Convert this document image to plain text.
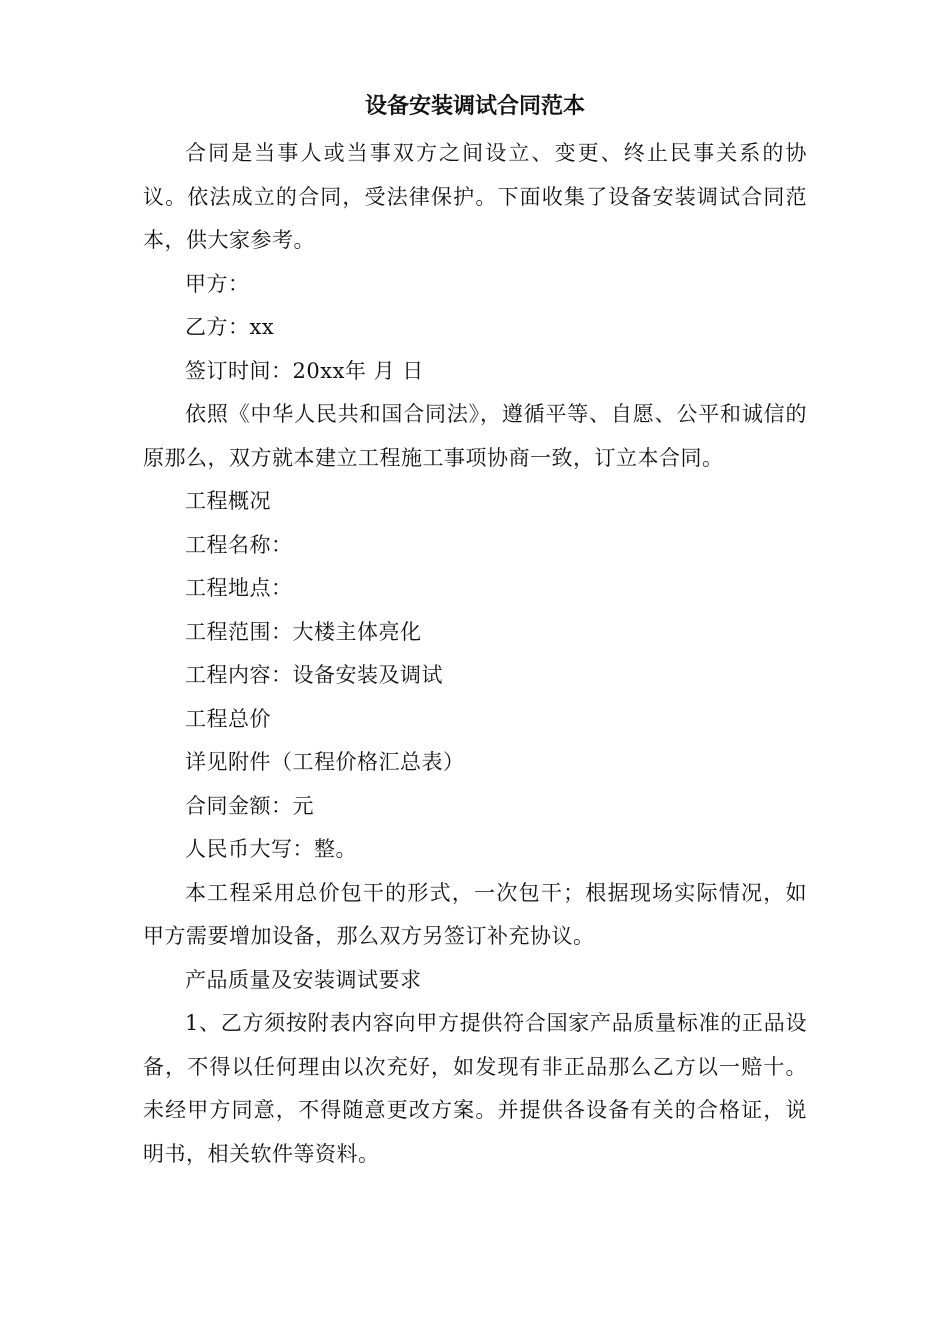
设备安装调试合同范本

合同是当事人或当事双方之间设立、变更、终止民事关系的协议。依法成立的合同，受法律保护。下面收集了设备安装调试合同范本，供大家参考。

甲方：

乙方：xx

签订时间：20xx年 月 日

依照《中华人民共和国合同法》，遵循平等、自愿、公平和诚信的原那么，双方就本建立工程施工事项协商一致，订立本合同。

工程概况

工程名称：

工程地点：

工程范围：大楼主体亮化

工程内容：设备安装及调试

工程总价

详见附件（工程价格汇总表）

合同金额：元

人民币大写：整。

本工程采用总价包干的形式，一次包干；根据现场实际情况，如甲方需要增加设备，那么双方另签订补充协议。

产品质量及安装调试要求

1、乙方须按附表内容向甲方提供符合国家产品质量标准的正品设备，不得以任何理由以次充好，如发现有非正品那么乙方以一赔十。未经甲方同意，不得随意更改方案。并提供各设备有关的合格证，说明书，相关软件等资料。
